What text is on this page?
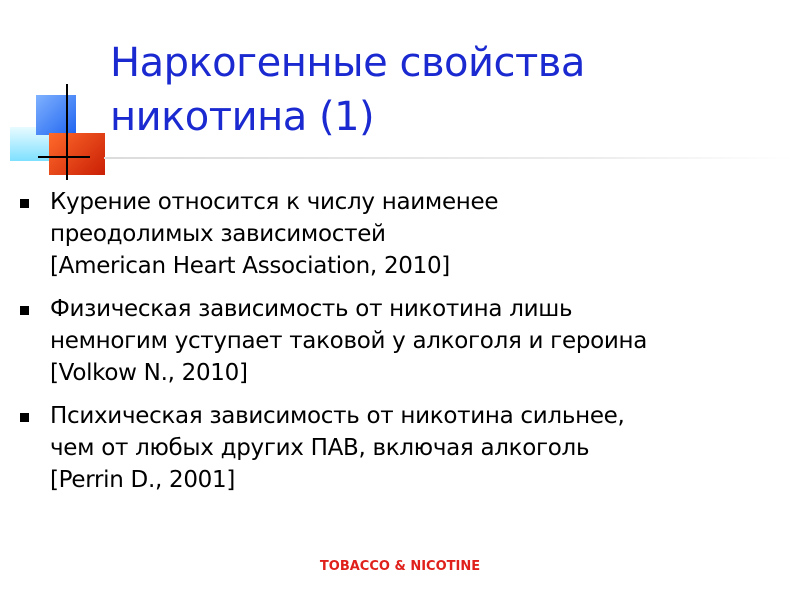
Наркогенные свойства
никотина (1)
Курение относится к числу наименее
преодолимых зависимостей
[American Heart Association, 2010]
Физическая зависимость от никотина лишь
немногим уступает таковой у алкоголя и героина
[Volkow N., 2010]
Психическая зависимость от никотина сильнее,
чем от любых других ПАВ, включая алкоголь
[Perrin D., 2001]
TOBACCO & NICOTINE
